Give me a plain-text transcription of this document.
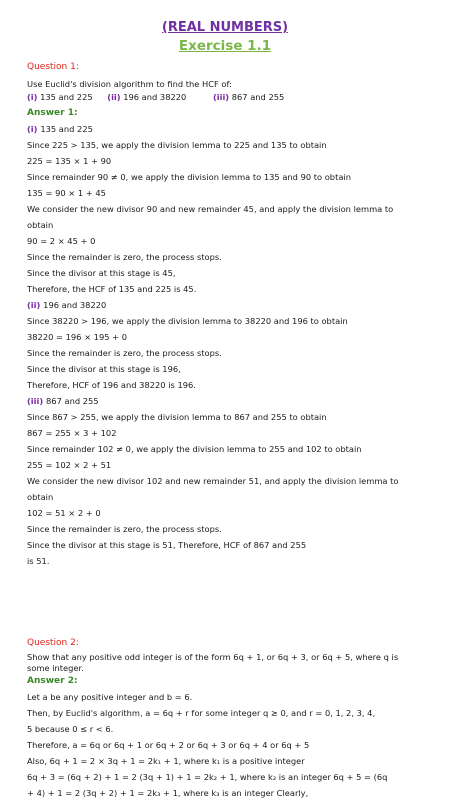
(REAL NUMBERS)
Exercise 1.1
Question 1:
Use Euclid's division algorithm to find the HCF of:
(i) 135 and 225 (ii) 196 and 38220	(iii) 867 and 255
Answer 1:
(i) 135 and 225
Since 225 > 135, we apply the division lemma to 225 and 135 to obtain
225 = 135 × 1 + 90
Since remainder 90 ≠ 0, we apply the division lemma to 135 and 90 to obtain
135 = 90 × 1 + 45
We consider the new divisor 90 and new remainder 45, and apply the division lemma to
obtain
90 = 2 × 45 + 0
Since the remainder is zero, the process stops.
Since the divisor at this stage is 45,
Therefore, the HCF of 135 and 225 is 45.
(ii) 196 and 38220
Since 38220 > 196, we apply the division lemma to 38220 and 196 to obtain
38220 = 196 × 195 + 0
Since the remainder is zero, the process stops.
Since the divisor at this stage is 196,
Therefore, HCF of 196 and 38220 is 196.
(iii) 867 and 255
Since 867 > 255, we apply the division lemma to 867 and 255 to obtain
867 = 255 × 3 + 102
Since remainder 102 ≠ 0, we apply the division lemma to 255 and 102 to obtain
255 = 102 × 2 + 51
We consider the new divisor 102 and new remainder 51, and apply the division lemma to
obtain
102 = 51 × 2 + 0
Since the remainder is zero, the process stops.
Since the divisor at this stage is 51, Therefore, HCF of 867 and 255
is 51.
Question 2:
Show that any positive odd integer is of the form 6q + 1, or 6q + 3, or 6q + 5, where q is
some integer.
Answer 2:
Let a be any positive integer and b = 6.
Then, by Euclid's algorithm, a = 6q + r for some integer q ≥ 0, and r = 0, 1, 2, 3, 4,
5 because 0 ≤ r < 6.
Therefore, a = 6q or 6q + 1 or 6q + 2 or 6q + 3 or 6q + 4 or 6q + 5
Also, 6q + 1 = 2 × 3q + 1 = 2k₁ + 1, where k₁ is a positive integer
6q + 3 = (6q + 2) + 1 = 2 (3q + 1) + 1 = 2k₂ + 1, where k₂ is an integer 6q + 5 = (6q
+ 4) + 1 = 2 (3q + 2) + 1 = 2k₃ + 1, where k₃ is an integer Clearly,
